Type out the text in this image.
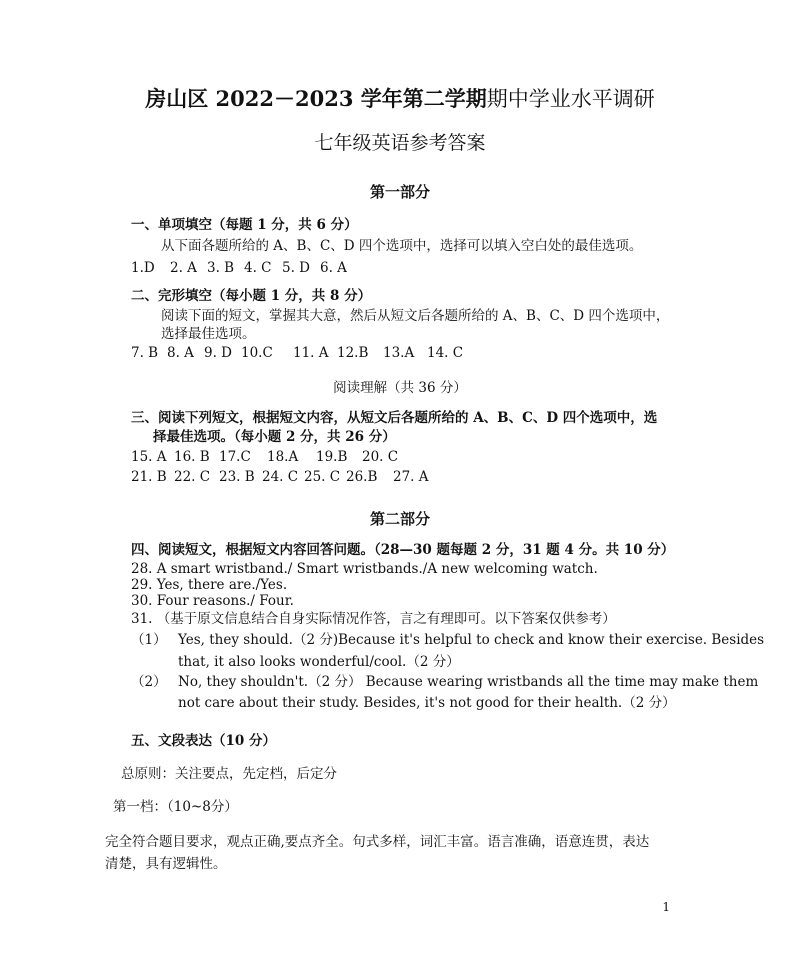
房山区 2022－2023 学年第二学期期中学业水平调研
七年级英语参考答案
第一部分
一、单项填空（每题 1 分，共 6 分）
从下面各题所给的 A、B、C、D 四个选项中，选择可以填入空白处的最佳选项。
1.D 2. A 3. B 4. C 5. D 6. A
二、完形填空（每小题 1 分，共 8 分）
阅读下面的短文，掌握其大意，然后从短文后各题所给的 A、B、C、D 四个选项中，
选择最佳选项。
7. B 8. A 9. D 10.C 11. A 12.B 13.A 14. C
阅读理解（共 36 分）
三、阅读下列短文，根据短文内容，从短文后各题所给的 A、B、C、D 四个选项中，选
择最佳选项。（每小题 2 分，共 26 分）
15. A 16. B 17.C 18.A 19.B 20. C
21. B 22. C 23. B 24. C 25. C 26.B 27. A
第二部分
四、阅读短文，根据短文内容回答问题。（28—30 题每题 2 分，31 题 4 分。共 10 分）
28. A smart wristband./ Smart wristbands./A new welcoming watch.
29. Yes, there are./Yes.
30. Four reasons./ Four.
31. （基于原文信息结合自身实际情况作答，言之有理即可。以下答案仅供参考）
（1） Yes, they should.（2 分)Because it's helpful to check and know their exercise. Besides
that, it also looks wonderful/cool.（2 分）
（2） No, they shouldn't.（2 分） Because wearing wristbands all the time may make them
not care about their study. Besides, it's not good for their health.（2 分）
五、文段表达（10 分）
总原则：关注要点，先定档，后定分
第一档：（10~8分）
完全符合题目要求，观点正确,要点齐全。句式多样，词汇丰富。语言准确，语意连贯，表达
清楚，具有逻辑性。
1
